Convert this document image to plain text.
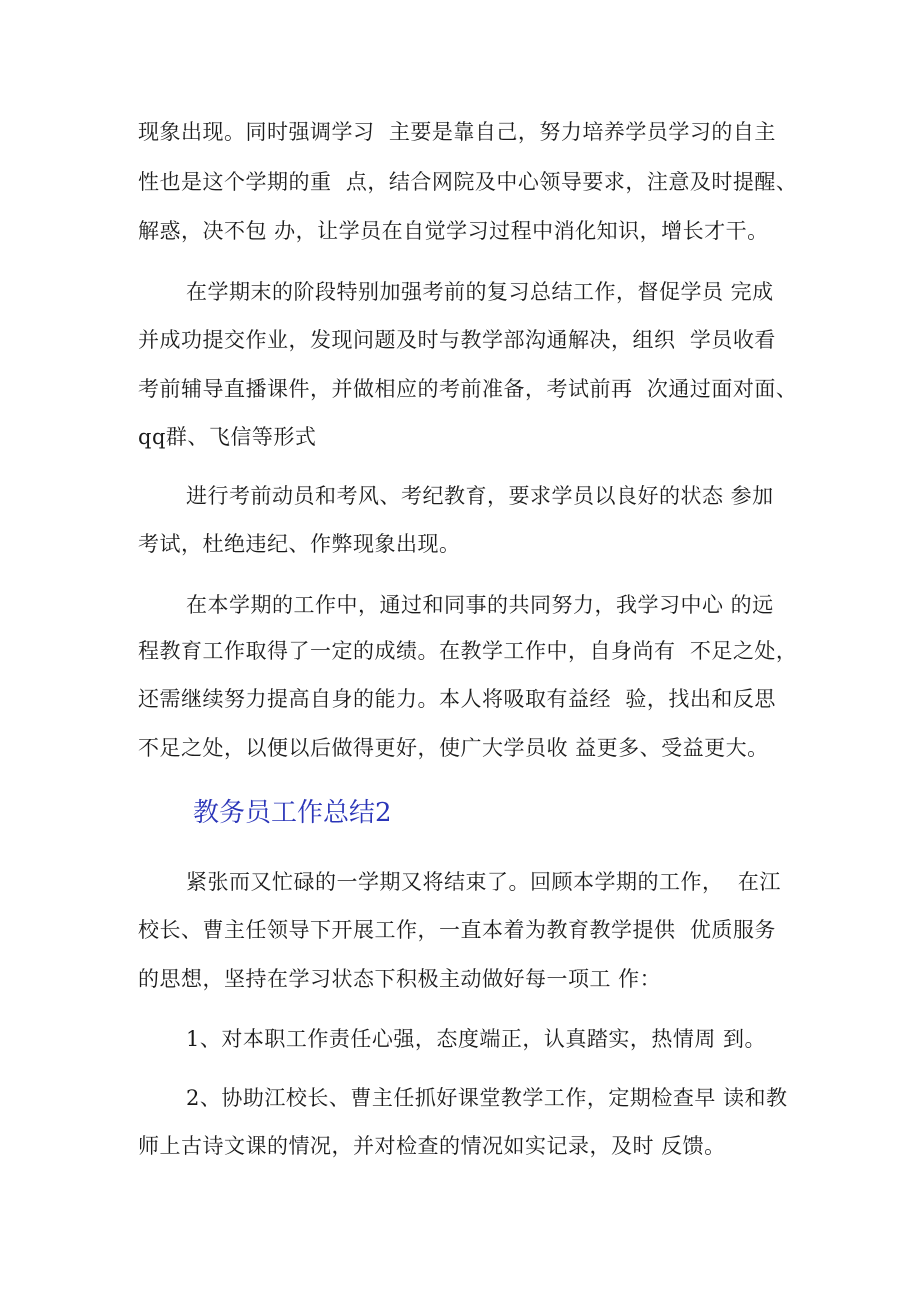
现象出现。同时强调学习  主要是靠自己，努力培养学员学习的自主
性也是这个学期的重  点，结合网院及中心领导要求，注意及时提醒、
解惑，决不包 办，让学员在自觉学习过程中消化知识，增长才干。
在学期末的阶段特别加强考前的复习总结工作，督促学员 完成
并成功提交作业，发现问题及时与教学部沟通解决，组织  学员收看
考前辅导直播课件，并做相应的考前准备，考试前再  次通过面对面、
qq群、飞信等形式
进行考前动员和考风、考纪教育，要求学员以良好的状态 参加
考试，杜绝违纪、作弊现象出现。
在本学期的工作中，通过和同事的共同努力，我学习中心 的远
程教育工作取得了一定的成绩。在教学工作中，自身尚有  不足之处，
还需继续努力提高自身的能力。本人将吸取有益经  验，找出和反思
不足之处，以便以后做得更好，使广大学员收 益更多、受益更大。
教务员工作总结2
紧张而又忙碌的一学期又将结束了。回顾本学期的工作，  在江
校长、曹主任领导下开展工作，一直本着为教育教学提供  优质服务
的思想，坚持在学习状态下积极主动做好每一项工 作：
1、对本职工作责任心强，态度端正，认真踏实，热情周 到。
2、协助江校长、曹主任抓好课堂教学工作，定期检查早 读和教
师上古诗文课的情况，并对检查的情况如实记录，及时 反馈。
